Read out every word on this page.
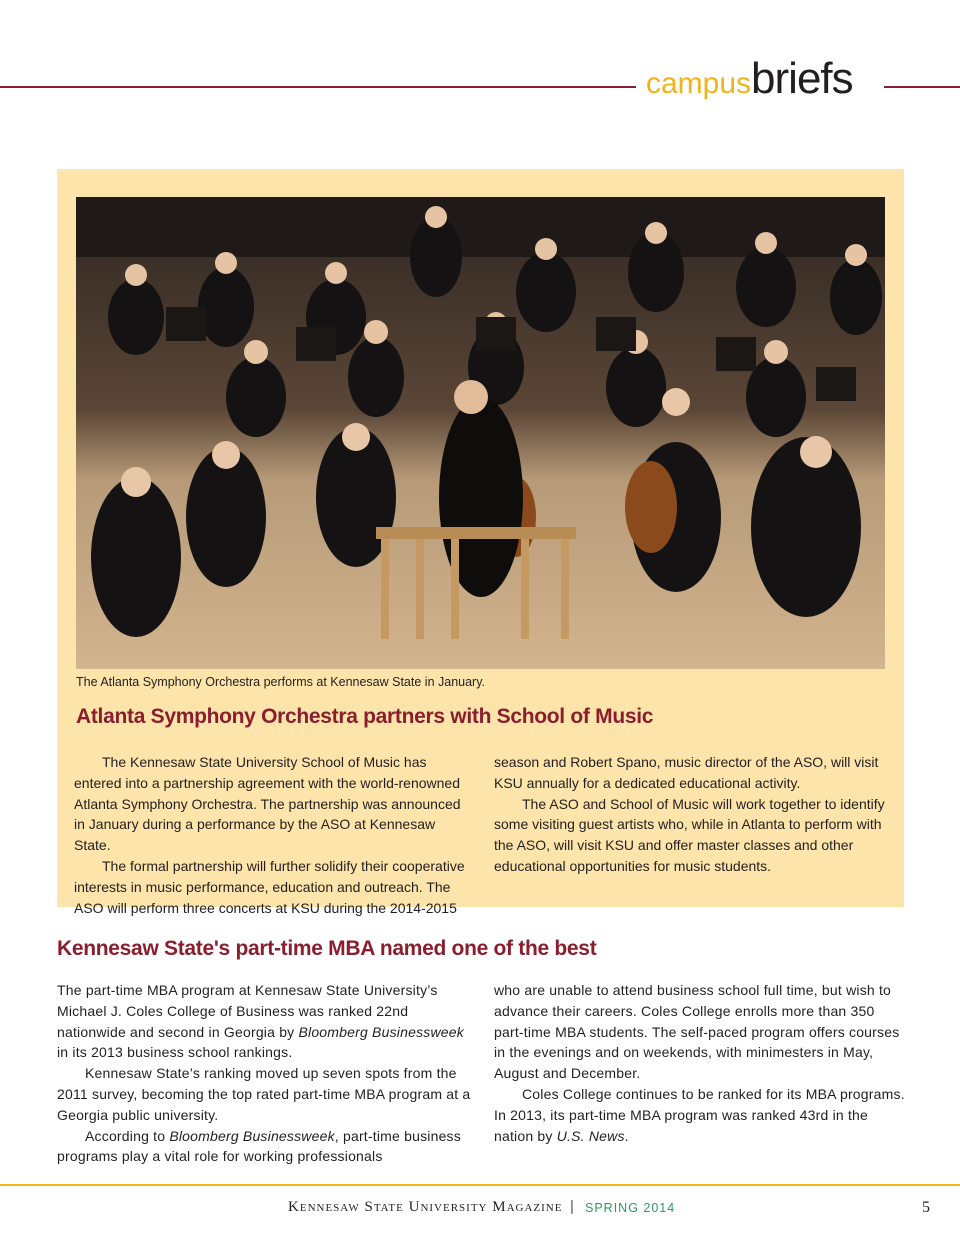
campusbriefs
The Atlanta Symphony Orchestra performs at Kennesaw State in January.
Atlanta Symphony Orchestra partners with School of Music

The Kennesaw State University School of Music has entered into a partnership agreement with the world-renowned Atlanta Symphony Orchestra. The partnership was announced in January during a performance by the ASO at Kennesaw State.

The formal partnership will further solidify their cooperative interests in music performance, education and outreach. The ASO will perform three concerts at KSU during the 2014-2015

season and Robert Spano, music director of the ASO, will visit KSU annually for a dedicated educational activity.

The ASO and School of Music will work together to identify some visiting guest artists who, while in Atlanta to perform with the ASO, will visit KSU and offer master classes and other educational opportunities for music students.

Kennesaw State's part-time MBA named one of the best

The part-time MBA program at Kennesaw State University’s Michael J. Coles College of Business was ranked 22nd nationwide and second in Georgia by Bloomberg Businessweek in its 2013 business school rankings.

Kennesaw State’s ranking moved up seven spots from the 2011 survey, becoming the top rated part-time MBA program at a Georgia public university.

According to Bloomberg Businessweek, part-time business programs play a vital role for working professionals

who are unable to attend business school full time, but wish to advance their careers. Coles College enrolls more than 350 part-time MBA students. The self-paced program offers courses in the evenings and on weekends, with minimesters in May, August and December.

Coles College continues to be ranked for its MBA programs. In 2013, its part-time MBA program was ranked 43rd in the nation by U.S. News.

KENNESAW STATE UNIVERSITY MAGAZINE | SPRING 2014	5
